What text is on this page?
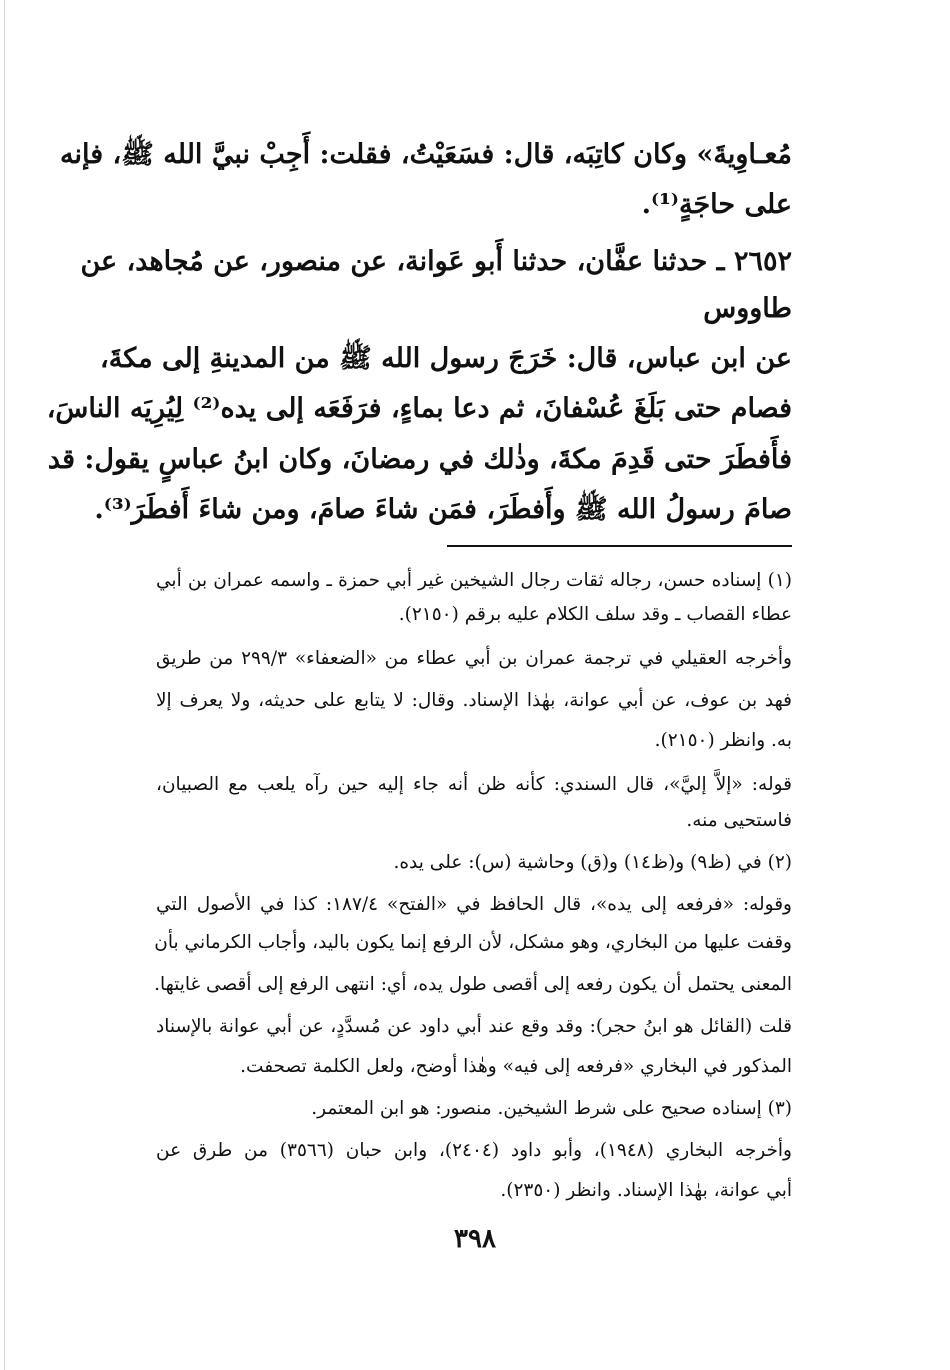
مُعـاوِيةَ» وكان كاتِبَه، قال: فسَعَيْتُ، فقلت: أَجِبْ نبيَّ الله ﷺ، فإنه
على حاجَةٍ⁽¹⁾.
٢٦٥٢ ـ حدثنا عفَّان، حدثنا أَبو عَوانة، عن منصور، عن مُجاهد، عن
طاووس
عن ابن عباس، قال: خَرَجَ رسول الله ﷺ من المدينةِ إلى مكةَ،
فصام حتى بَلَغَ عُسْفانَ، ثم دعا بماءٍ، فرَفَعَه إلى يده⁽²⁾ لِيُرِيَه الناسَ،
فأَفطَرَ حتى قَدِمَ مكةَ، وذٰلك في رمضانَ، وكان ابنُ عباسٍ يقول: قد
صامَ رسولُ الله ﷺ وأَفطَرَ، فمَن شاءَ صامَ، ومن شاءَ أَفطَرَ⁽³⁾.
(١) إسناده حسن، رجاله ثقات رجال الشيخين غير أبي حمزة ـ واسمه عمران بن أبي
عطاء القصاب ـ وقد سلف الكلام عليه برقم (٢١٥٠).
وأخرجه العقيلي في ترجمة عمران بن أبي عطاء من «الضعفاء» ٢٩٩/٣ من طريق
فهد بن عوف، عن أبي عوانة، بهٰذا الإسناد. وقال: لا يتابع على حديثه، ولا يعرف إلا
به. وانظر (٢١٥٠).
قوله: «إلاَّ إليَّ»، قال السندي: كأنه ظن أنه جاء إليه حين رآه يلعب مع الصبيان،
فاستحيى منه.
(٢) في (ظ٩) و(ظ١٤) و(ق) وحاشية (س): على يده.
وقوله: «فرفعه إلى يده»، قال الحافظ في «الفتح» ١٨٧/٤: كذا في الأصول التي
وقفت عليها من البخاري، وهو مشكل، لأن الرفع إنما يكون باليد، وأجاب الكرماني بأن
المعنى يحتمل أن يكون رفعه إلى أقصى طول يده، أي: انتهى الرفع إلى أقصى غايتها.
قلت (القائل هو ابنُ حجر): وقد وقع عند أبي داود عن مُسدَّدٍ، عن أبي عوانة بالإسناد
المذكور في البخاري «فرفعه إلى فيه» وهٰذا أوضح، ولعل الكلمة تصحفت.
(٣) إسناده صحيح على شرط الشيخين. منصور: هو ابن المعتمر.
وأخرجه البخاري (١٩٤٨)، وأبو داود (٢٤٠٤)، وابن حبان (٣٥٦٦) من طرق عن
أبي عوانة، بهٰذا الإسناد. وانظر (٢٣٥٠).
٣٩٨
